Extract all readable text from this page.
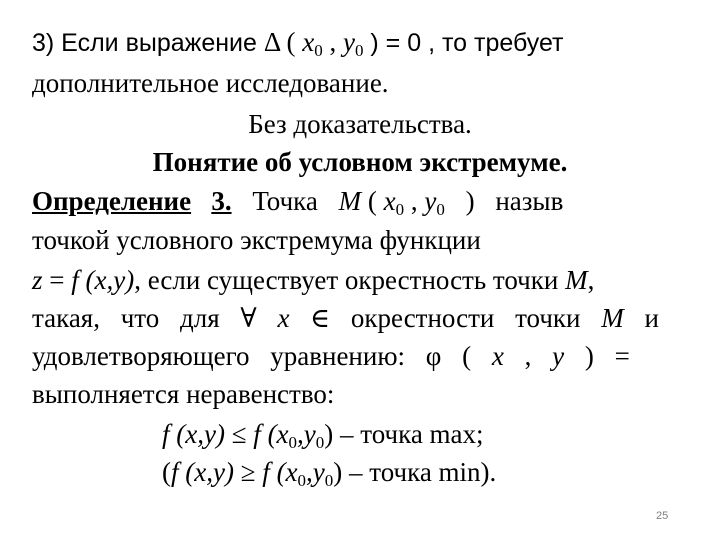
3) Если выражение Δ ( $x_0$ , $y_0$ ) = 0 , то требует
дополнительное исследование.
Без доказательства.
Понятие об условном экстремуме.
Определение 3. Точка M ( $x_0$ , $y_0$ ) назыв
точкой условного экстремума функции
z = f (x,y), если существует окрестность точки M,
такая, что для ∀ x ∈ окрестности точки M и
удовлетворяющего уравнению: φ ( x , y ) =
выполняется неравенство:
f (x,y) ≤ f $(x_0,y_0)$ – точка max;
(f (x,y) ≥ f $(x_0,y_0)$ – точка min).
25
